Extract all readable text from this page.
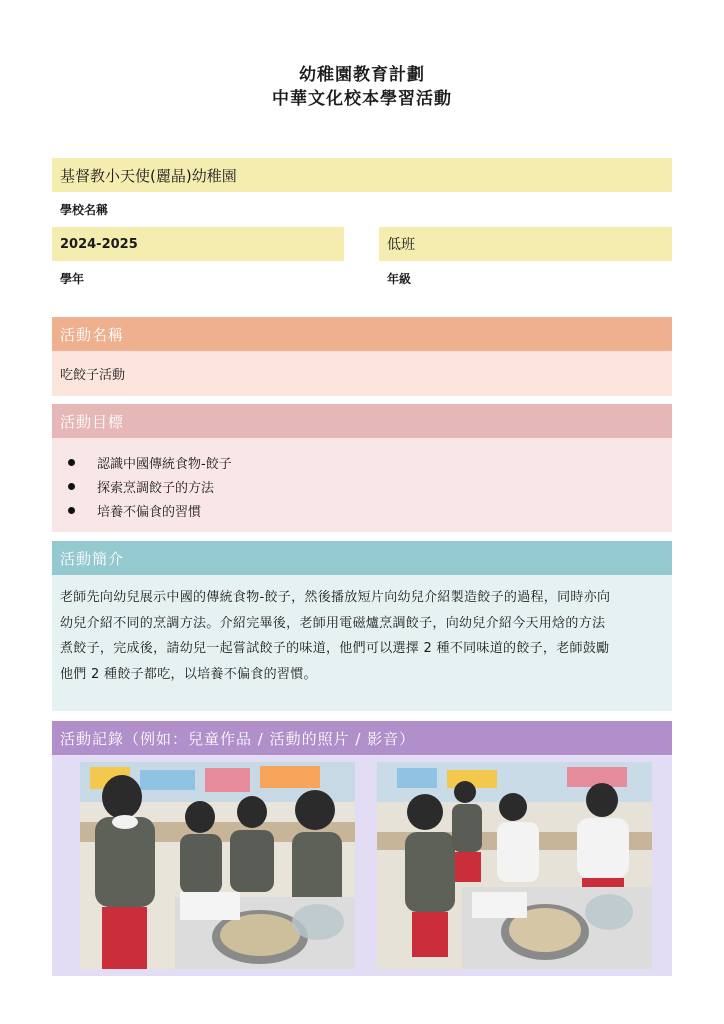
幼稚園教育計劃
中華文化校本學習活動
基督教小天使(麗晶)幼稚園
學校名稱
2024-2025
學年
低班
年級
活動名稱
吃餃子活動
活動目標
認識中國傳統食物-餃子
探索烹調餃子的方法
培養不偏食的習慣
活動簡介
老師先向幼兒展示中國的傳統食物-餃子，然後播放短片向幼兒介紹製造餃子的過程，同時亦向
幼兒介紹不同的烹調方法。介紹完畢後，老師用電磁爐烹調餃子，向幼兒介紹今天用焓的方法
煮餃子，完成後，請幼兒一起嘗試餃子的味道，他們可以選擇 2 種不同味道的餃子，老師鼓勵
他們 2 種餃子都吃，以培養不偏食的習慣。
活動記錄（例如：兒童作品 / 活動的照片 / 影音）
